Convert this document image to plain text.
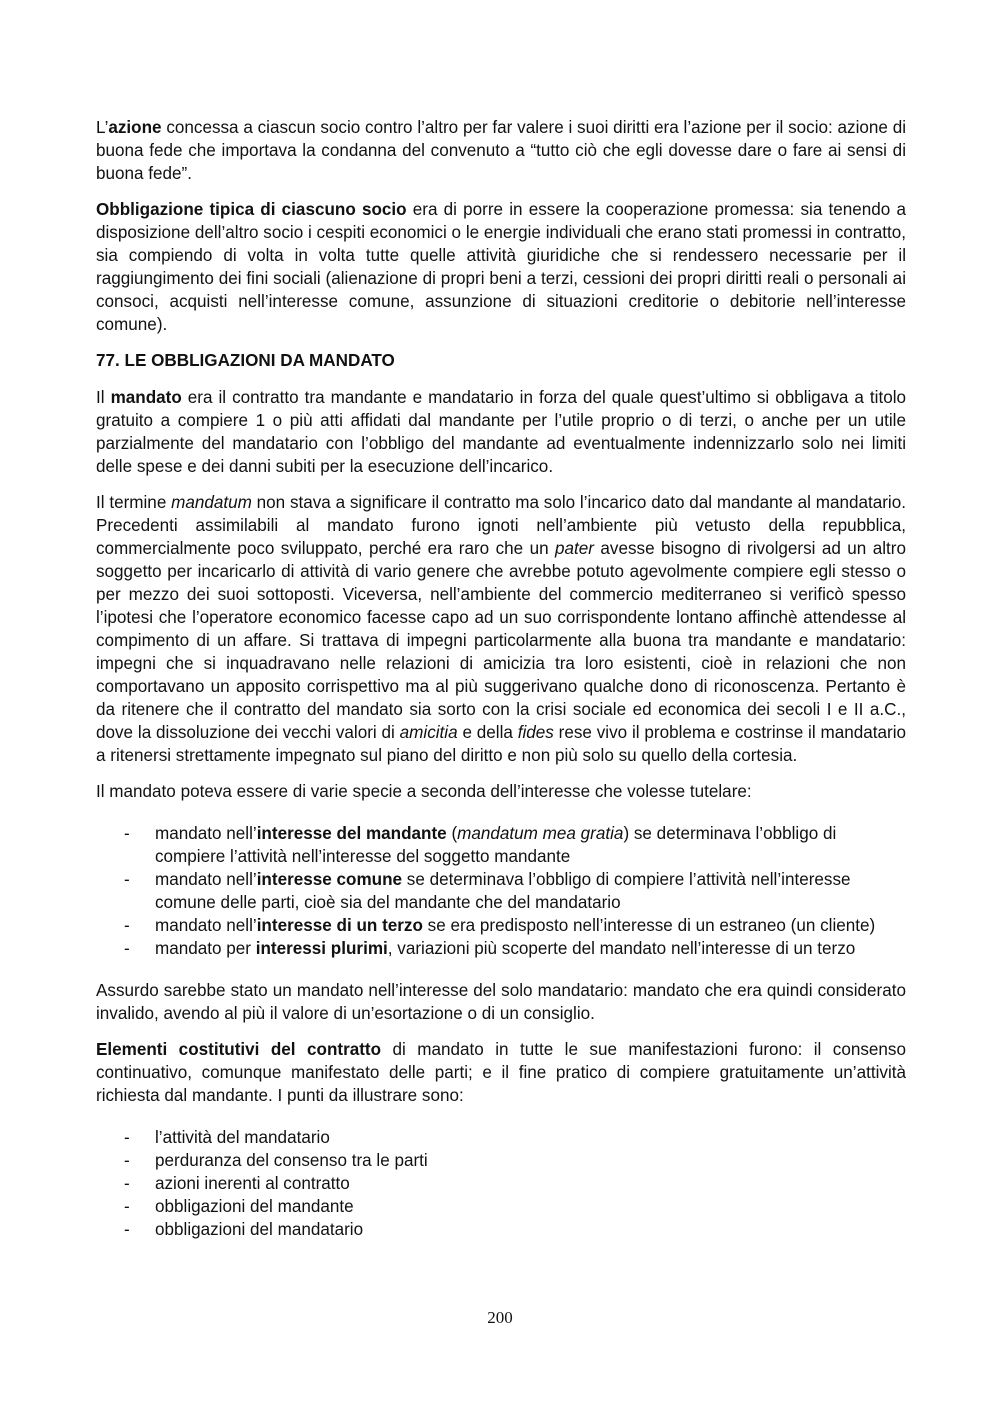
L’azione concessa a ciascun socio contro l’altro per far valere i suoi diritti era l’azione per il socio: azione di buona fede che importava la condanna del convenuto a “tutto ciò che egli dovesse dare o fare ai sensi di buona fede”.

Obbligazione tipica di ciascuno socio era di porre in essere la cooperazione promessa: sia tenendo a disposizione dell’altro socio i cespiti economici o le energie individuali che erano stati promessi in contratto, sia compiendo di volta in volta tutte quelle attività giuridiche che si rendessero necessarie per il raggiungimento dei fini sociali (alienazione di propri beni a terzi, cessioni dei propri diritti reali o personali ai consoci, acquisti nell’interesse comune, assunzione di situazioni creditorie o debitorie nell’interesse comune).

77. LE OBBLIGAZIONI DA MANDATO

Il mandato era il contratto tra mandante e mandatario in forza del quale quest’ultimo si obbligava a titolo gratuito a compiere 1 o più atti affidati dal mandante per l’utile proprio o di terzi, o anche per un utile parzialmente del mandatario con l’obbligo del mandante ad eventualmente indennizzarlo solo nei limiti delle spese e dei danni subiti per la esecuzione dell’incarico.

Il termine mandatum non stava a significare il contratto ma solo l’incarico dato dal mandante al mandatario. Precedenti assimilabili al mandato furono ignoti nell’ambiente più vetusto della repubblica, commercialmente poco sviluppato, perché era raro che un pater avesse bisogno di rivolgersi ad un altro soggetto per incaricarlo di attività di vario genere che avrebbe potuto agevolmente compiere egli stesso o per mezzo dei suoi sottoposti. Viceversa, nell’ambiente del commercio mediterraneo si verificò spesso l’ipotesi che l’operatore economico facesse capo ad un suo corrispondente lontano affinchè attendesse al compimento di un affare. Si trattava di impegni particolarmente alla buona tra mandante e mandatario: impegni che si inquadravano nelle relazioni di amicizia tra loro esistenti, cioè in relazioni che non comportavano un apposito corrispettivo ma al più suggerivano qualche dono di riconoscenza. Pertanto è da ritenere che il contratto del mandato sia sorto con la crisi sociale ed economica dei secoli I e II a.C., dove la dissoluzione dei vecchi valori di amicitia e della fides rese vivo il problema e costrinse il mandatario a ritenersi strettamente impegnato sul piano del diritto e non più solo su quello della cortesia.

Il mandato poteva essere di varie specie a seconda dell’interesse che volesse tutelare:

- mandato nell’interesse del mandante (mandatum mea gratia) se determinava l’obbligo di compiere l’attività nell’interesse del soggetto mandante
- mandato nell’interesse comune se determinava l’obbligo di compiere l’attività nell’interesse comune delle parti, cioè sia del mandante che del mandatario
- mandato nell’interesse di un terzo se era predisposto nell’interesse di un estraneo (un cliente)
- mandato per interessi plurimi, variazioni più scoperte del mandato nell’interesse di un terzo

Assurdo sarebbe stato un mandato nell’interesse del solo mandatario: mandato che era quindi considerato invalido, avendo al più il valore di un’esortazione o di un consiglio.

Elementi costitutivi del contratto di mandato in tutte le sue manifestazioni furono: il consenso continuativo, comunque manifestato delle parti; e il fine pratico di compiere gratuitamente un’attività richiesta dal mandante. I punti da illustrare sono:

- l’attività del mandatario
- perduranza del consenso tra le parti
- azioni inerenti al contratto
- obbligazioni del mandante
- obbligazioni del mandatario
200
